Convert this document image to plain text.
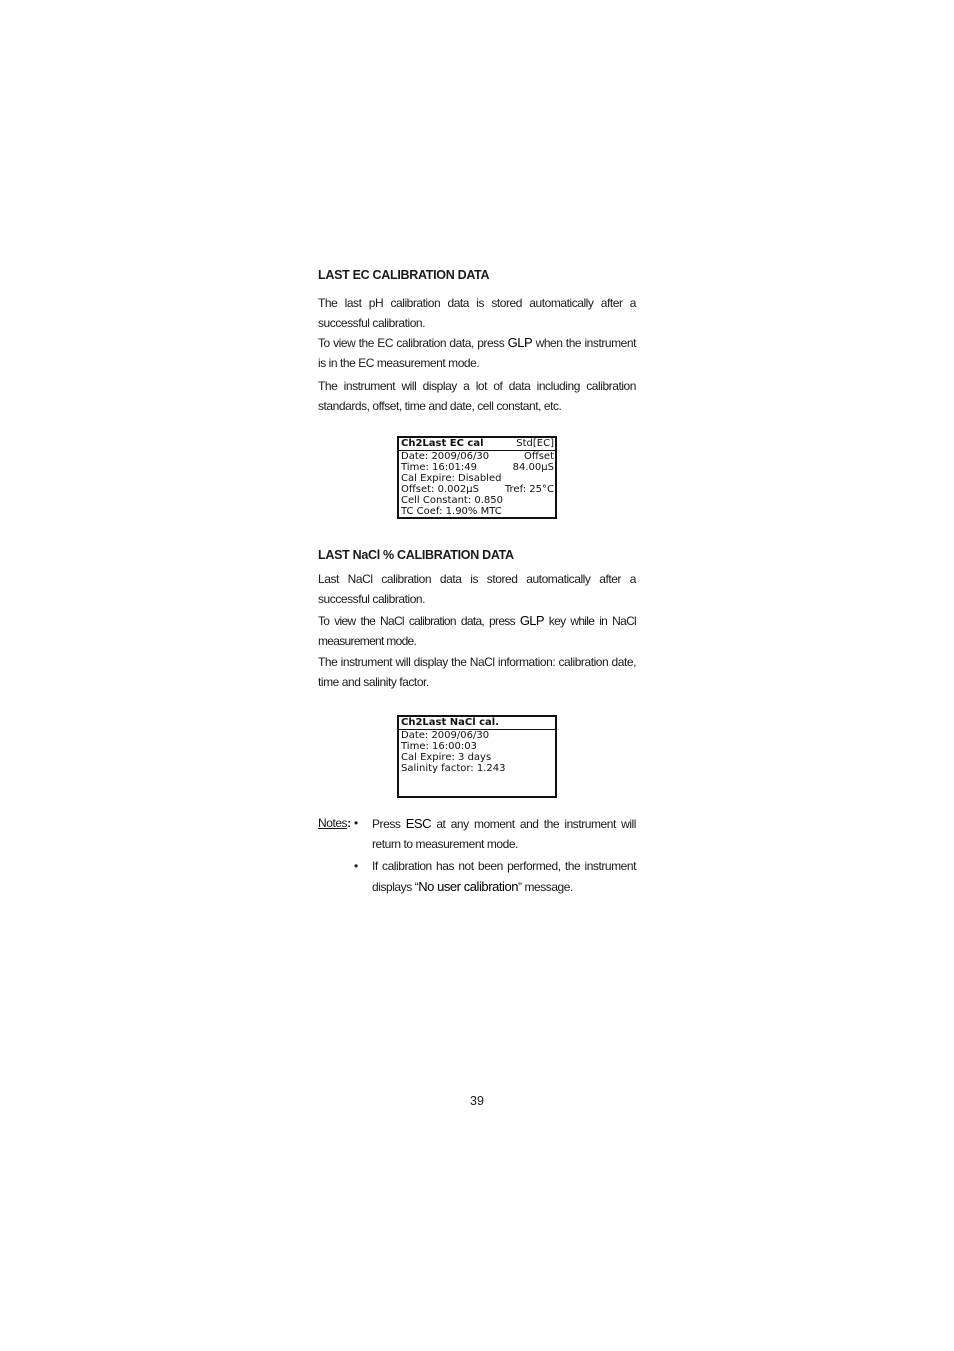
LAST EC CALIBRATION DATA

The last pH calibration data is stored automatically after a successful calibration.

To view the EC calibration data, press GLP when the instrument is in the EC measurement mode.

The instrument will display a lot of data including calibration standards, offset, time and date, cell constant, etc.

Ch2Last EC cal	Std[EC]
Date: 2009/06/30	Offset
Time: 16:01:49	84.00µS
Cal Expire: Disabled
Offset: 0.002µS	Tref: 25°C
Cell Constant: 0.850
TC Coef: 1.90% MTC
LAST NaCl % CALIBRATION DATA

Last NaCl calibration data is stored automatically after a successful calibration.

To view the NaCl calibration data, press GLP key while in NaCl measurement mode.

The instrument will display the NaCl information: calibration date, time and salinity factor.

Ch2Last NaCl cal.
Date: 2009/06/30
Time: 16:00:03
Cal Expire: 3 days
Salinity factor: 1.243
Notes: •	Press ESC at any moment and the instrument will return to measurement mode.
•	If calibration has not been performed, the instrument displays “No user calibration” message.
39
